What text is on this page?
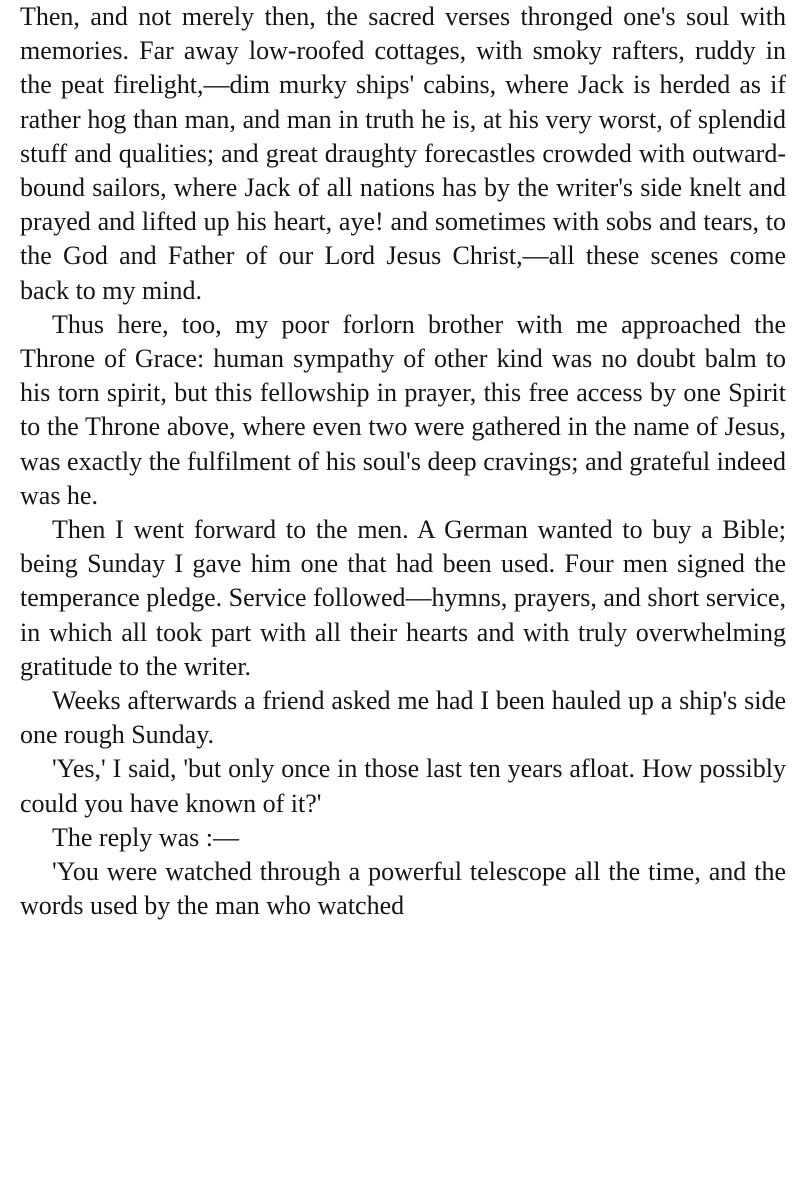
Then, and not merely then, the sacred verses thronged one's soul with memories. Far away low-roofed cottages, with smoky rafters, ruddy in the peat firelight,—dim murky ships' cabins, where Jack is herded as if rather hog than man, and man in truth he is, at his very worst, of splendid stuff and qualities; and great draughty forecastles crowded with outward-bound sailors, where Jack of all nations has by the writer's side knelt and prayed and lifted up his heart, aye! and sometimes with sobs and tears, to the God and Father of our Lord Jesus Christ,—all these scenes come back to my mind.

Thus here, too, my poor forlorn brother with me approached the Throne of Grace: human sympathy of other kind was no doubt balm to his torn spirit, but this fellowship in prayer, this free access by one Spirit to the Throne above, where even two were gathered in the name of Jesus, was exactly the fulfilment of his soul's deep cravings; and grateful indeed was he.

Then I went forward to the men. A German wanted to buy a Bible; being Sunday I gave him one that had been used. Four men signed the temperance pledge. Service followed—hymns, prayers, and short service, in which all took part with all their hearts and with truly overwhelming gratitude to the writer.

Weeks afterwards a friend asked me had I been hauled up a ship's side one rough Sunday.

'Yes,' I said, 'but only once in those last ten years afloat. How possibly could you have known of it?'

The reply was :—

'You were watched through a powerful telescope all the time, and the words used by the man who watched
